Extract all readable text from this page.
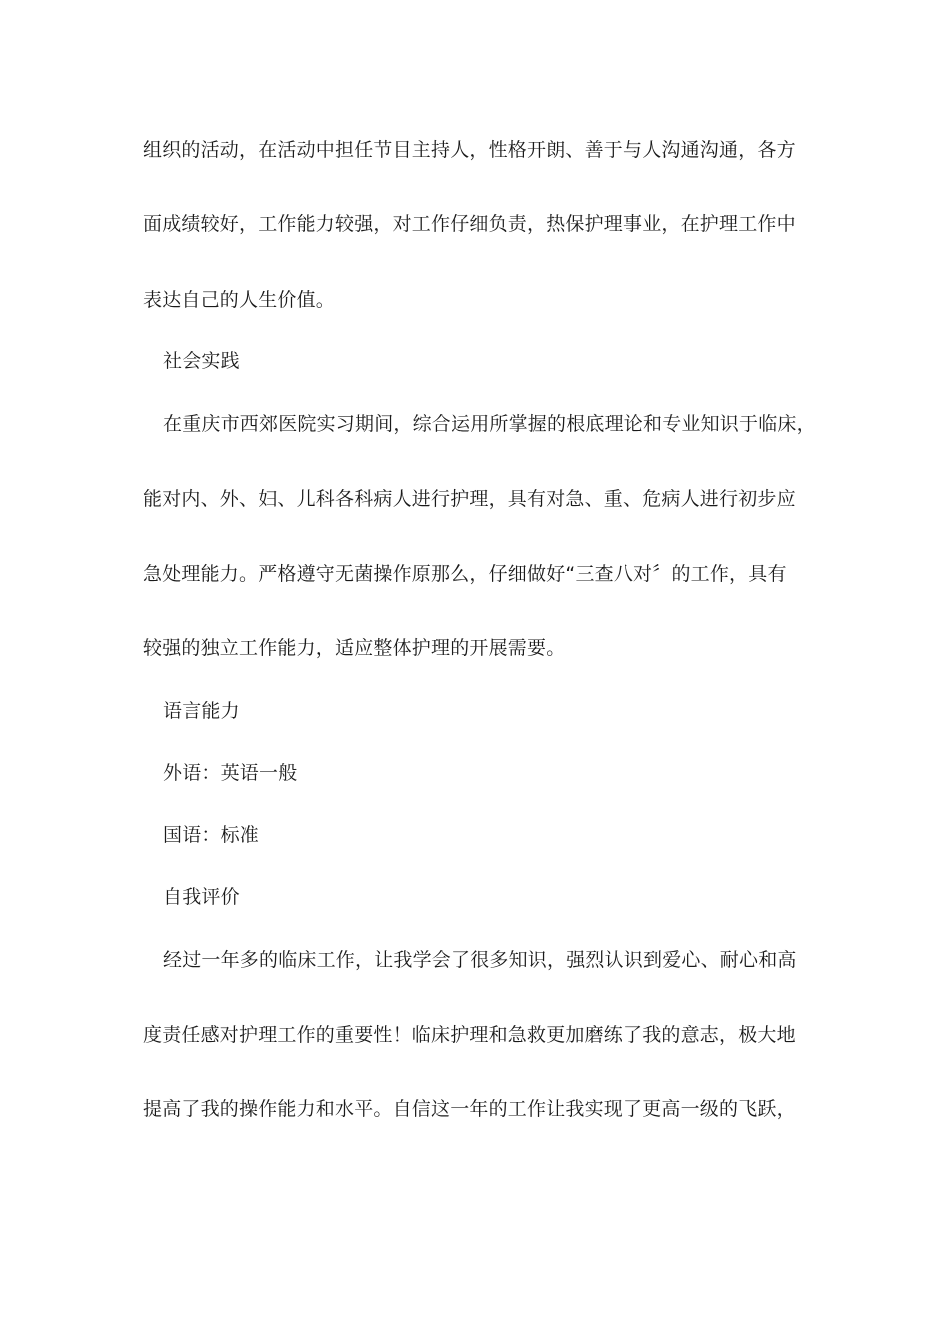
组织的活动，在活动中担任节目主持人，性格开朗、善于与人沟通沟通，各方
面成绩较好，工作能力较强，对工作仔细负责，热保护理事业，在护理工作中
表达自己的人生价值。
社会实践
在重庆市西郊医院实习期间，综合运用所掌握的根底理论和专业知识于临床，
能对内、外、妇、儿科各科病人进行护理，具有对急、重、危病人进行初步应
急处理能力。严格遵守无菌操作原那么，仔细做好“三查八对〞的工作，具有
较强的独立工作能力，适应整体护理的开展需要。
语言能力
外语：英语一般
国语：标准
自我评价
经过一年多的临床工作，让我学会了很多知识，强烈认识到爱心、耐心和高
度责任感对护理工作的重要性！临床护理和急救更加磨练了我的意志，极大地
提高了我的操作能力和水平。自信这一年的工作让我实现了更高一级的飞跃，
